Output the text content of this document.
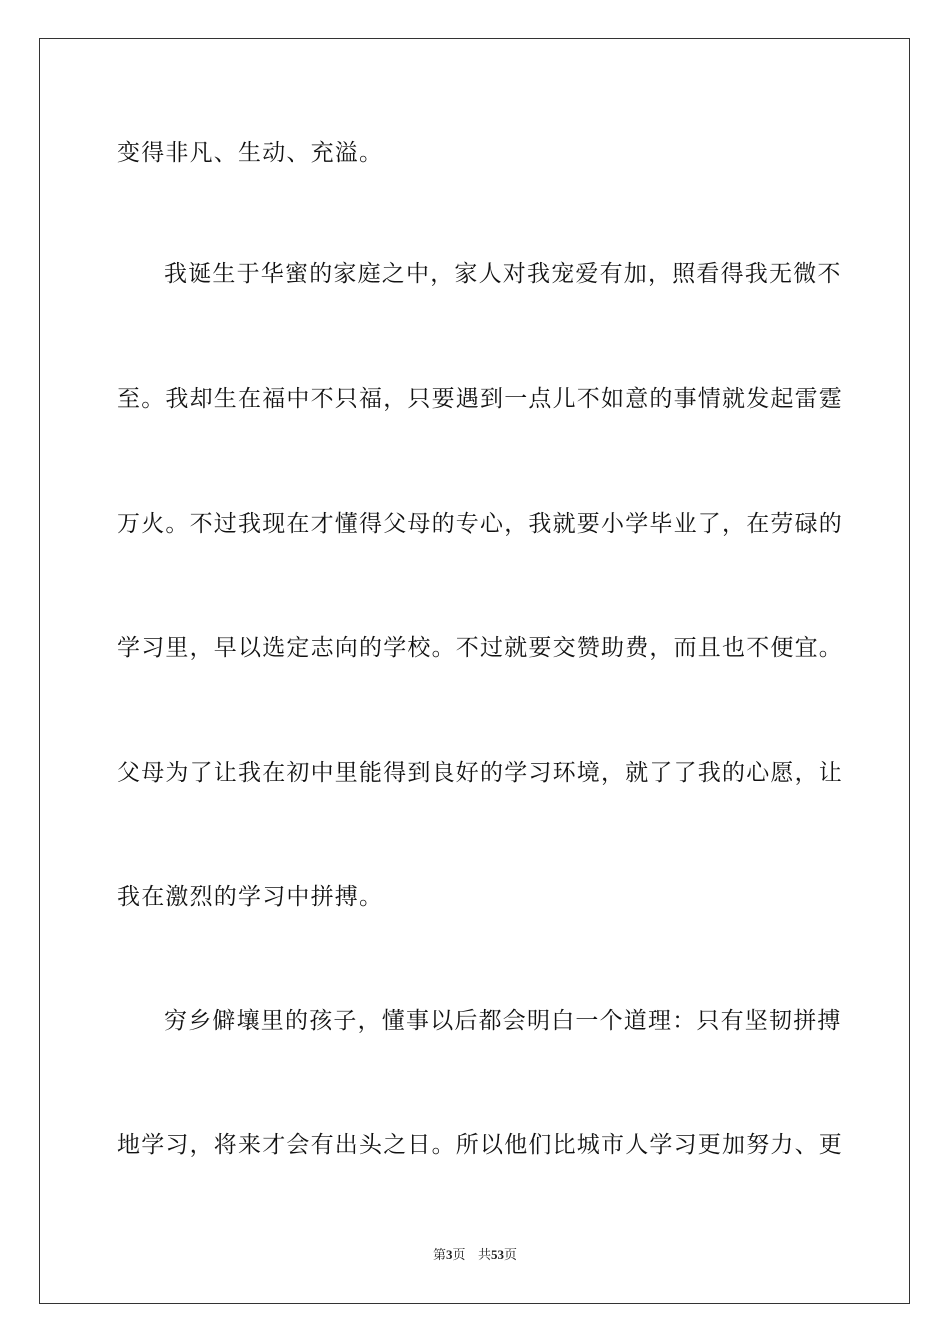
变得非凡、生动、充溢。
我诞生于华蜜的家庭之中，家人对我宠爱有加，照看得我无微不
至。我却生在福中不只福，只要遇到一点儿不如意的事情就发起雷霆
万火。不过我现在才懂得父母的专心，我就要小学毕业了，在劳碌的
学习里，早以选定志向的学校。不过就要交赞助费，而且也不便宜。
父母为了让我在初中里能得到良好的学习环境，就了了我的心愿，让
我在激烈的学习中拼搏。
穷乡僻壤里的孩子，懂事以后都会明白一个道理：只有坚韧拼搏
地学习，将来才会有出头之日。所以他们比城市人学习更加努力、更
第3页 共53页
